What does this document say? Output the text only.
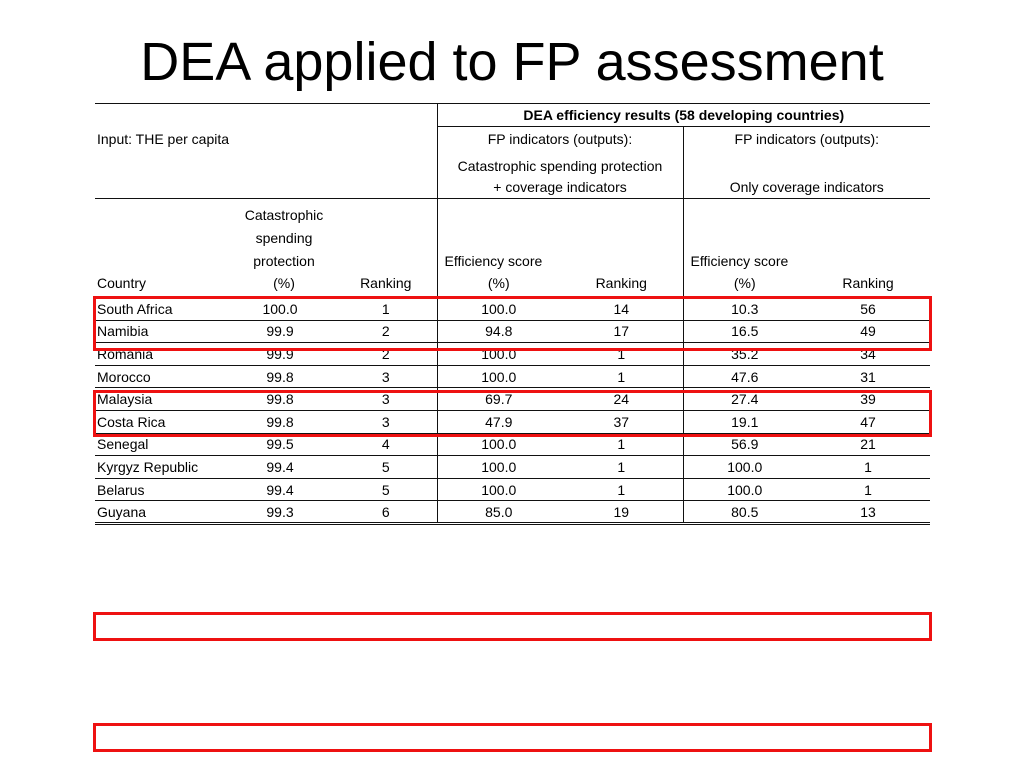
DEA applied to FP assessment
			DEA efficiency results (58 developing countries)			
Input: THE per capita			FP indicators (outputs):		FP indicators (outputs):	
			Catastrophic spending protection			
			+ coverage indicators		Only coverage indicators	
Country	Catastrophic
spending
protection
(%)	Ranking	Efficiency score
(%)	Ranking	Efficiency score
(%)	Ranking
South Africa	100.0	1	100.0	14	10.3	56
Namibia	99.9	2	94.8	17	16.5	49
Romania	99.9	2	100.0	1	35.2	34
Morocco	99.8	3	100.0	1	47.6	31
Malaysia	99.8	3	69.7	24	27.4	39
Costa Rica	99.8	3	47.9	37	19.1	47
Senegal	99.5	4	100.0	1	56.9	21
Kyrgyz Republic	99.4	5	100.0	1	100.0	1
Belarus	99.4	5	100.0	1	100.0	1
Guyana	99.3	6	85.0	19	80.5	13
